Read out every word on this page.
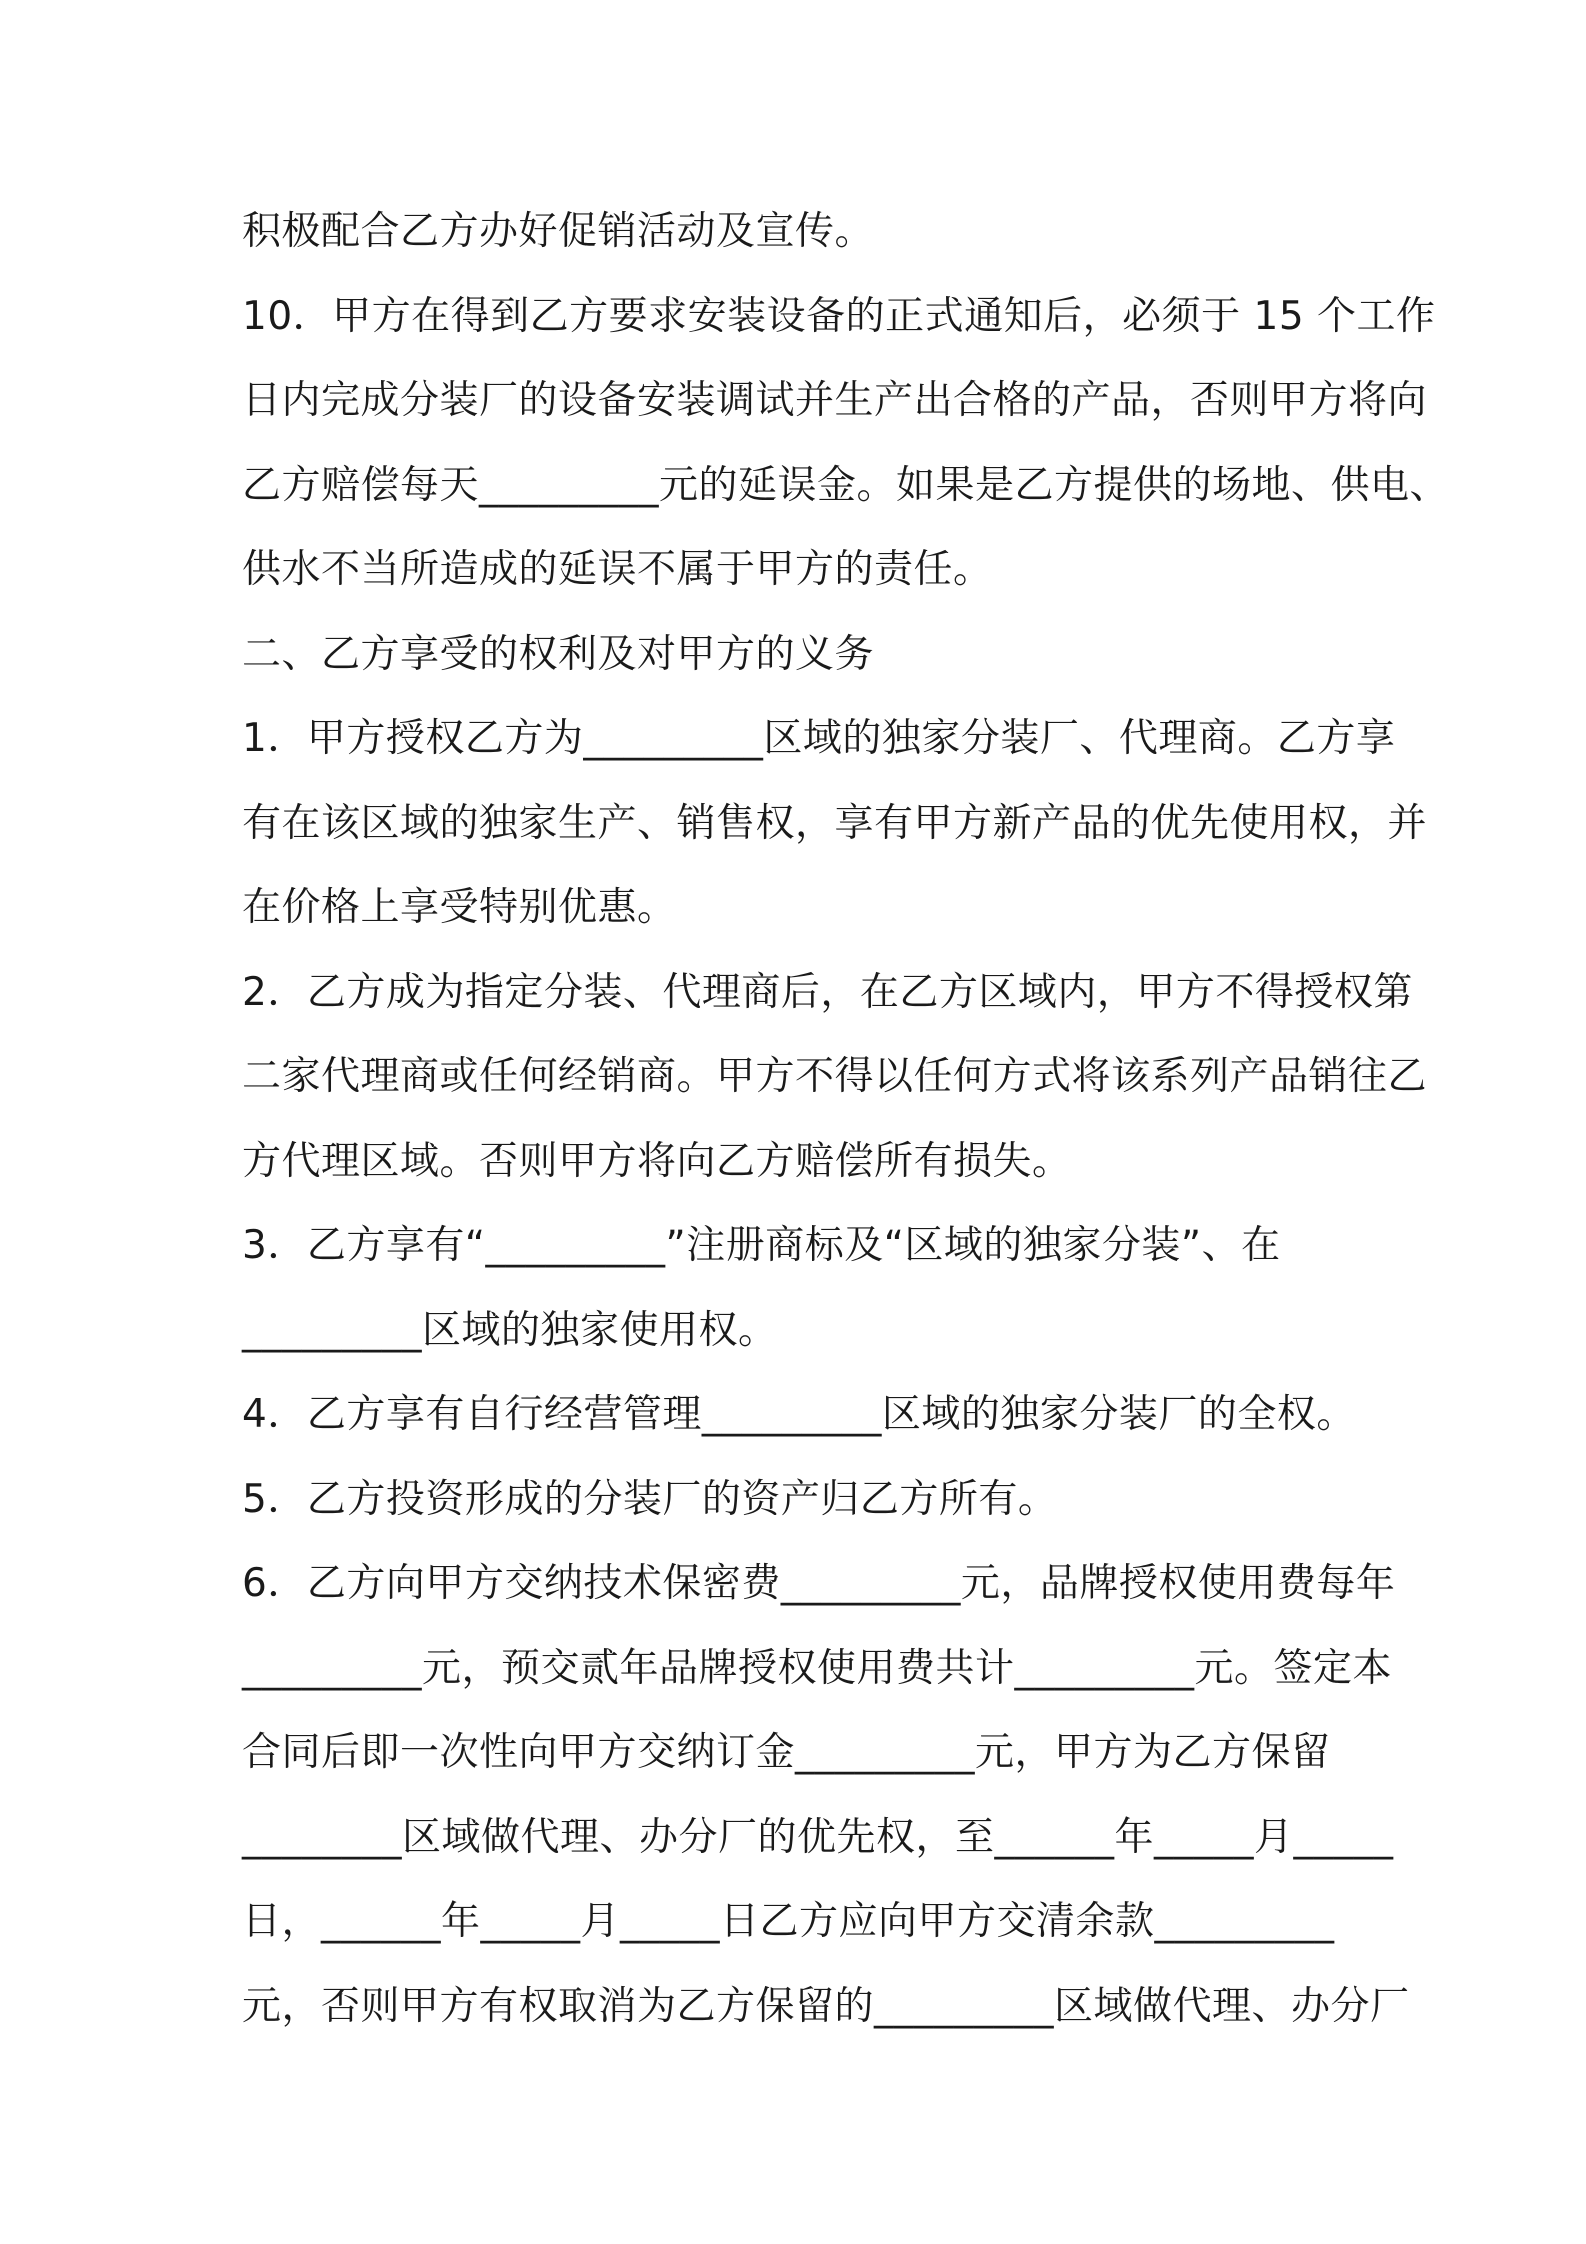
积极配合乙方办好促销活动及宣传。
10．甲方在得到乙方要求安装设备的正式通知后，必须于 15 个工作
日内完成分装厂的设备安装调试并生产出合格的产品，否则甲方将向
乙方赔偿每天_________元的延误金。如果是乙方提供的场地、供电、
供水不当所造成的延误不属于甲方的责任。
二、乙方享受的权利及对甲方的义务
1．甲方授权乙方为_________区域的独家分装厂、代理商。乙方享
有在该区域的独家生产、销售权，享有甲方新产品的优先使用权，并
在价格上享受特别优惠。
2．乙方成为指定分装、代理商后，在乙方区域内，甲方不得授权第
二家代理商或任何经销商。甲方不得以任何方式将该系列产品销往乙
方代理区域。否则甲方将向乙方赔偿所有损失。
3．乙方享有“_________”注册商标及“区域的独家分装”、在
_________区域的独家使用权。
4．乙方享有自行经营管理_________区域的独家分装厂的全权。
5．乙方投资形成的分装厂的资产归乙方所有。
6．乙方向甲方交纳技术保密费_________元，品牌授权使用费每年
_________元，预交贰年品牌授权使用费共计_________元。签定本
合同后即一次性向甲方交纳订金_________元，甲方为乙方保留
________区域做代理、办分厂的优先权，至______年_____月_____
日，______年_____月_____日乙方应向甲方交清余款_________
元，否则甲方有权取消为乙方保留的_________区域做代理、办分厂
